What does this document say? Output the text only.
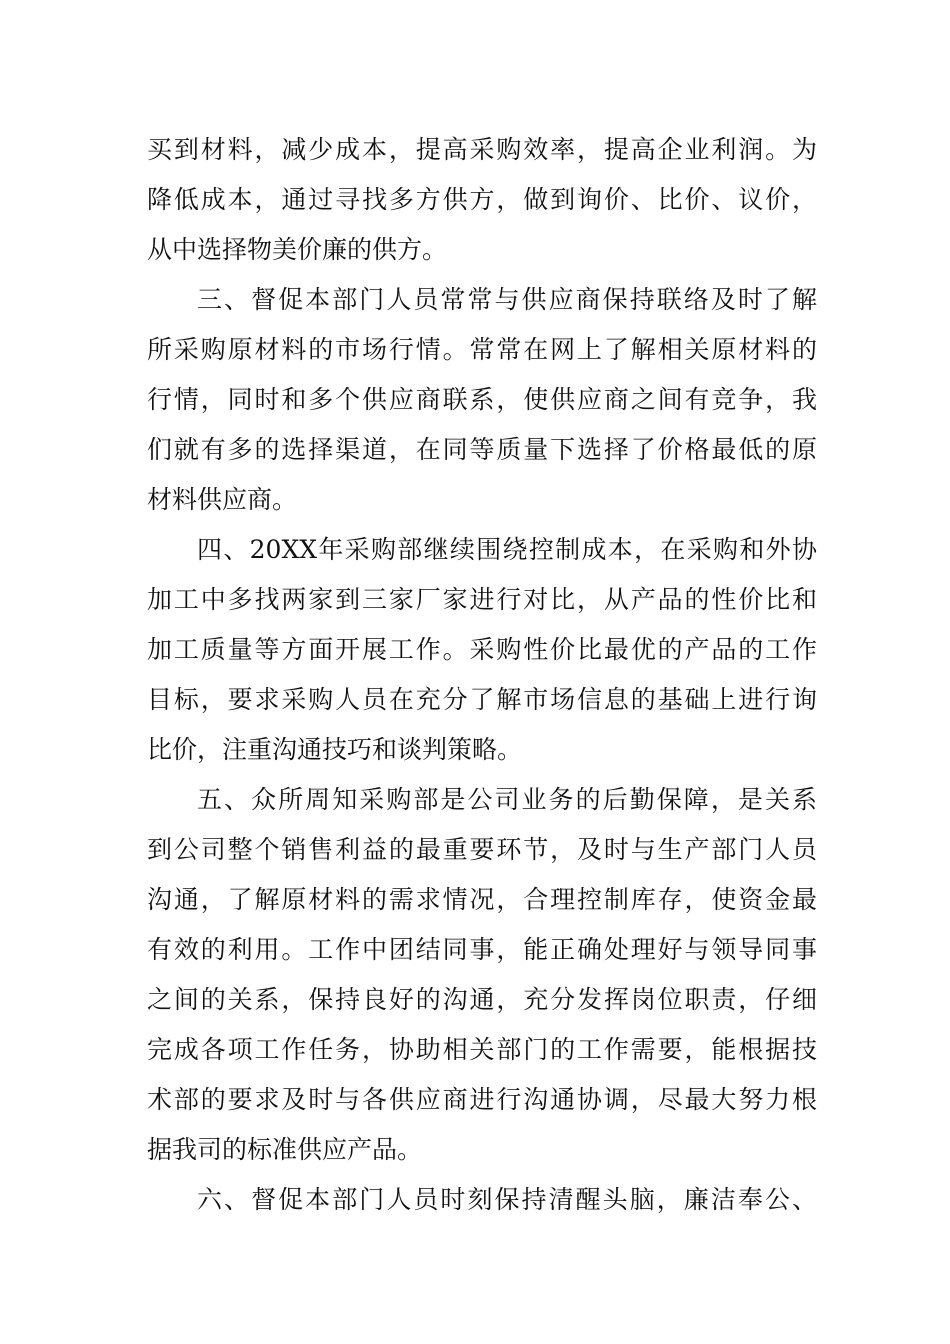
买到材料，减少成本，提高采购效率，提高企业利润。为
降低成本，通过寻找多方供方，做到询价、比价、议价，
从中选择物美价廉的供方。
三、督促本部门人员常常与供应商保持联络及时了解
所采购原材料的市场行情。常常在网上了解相关原材料的
行情，同时和多个供应商联系，使供应商之间有竞争，我
们就有多的选择渠道，在同等质量下选择了价格最低的原
材料供应商。
四、20XX年采购部继续围绕控制成本，在采购和外协
加工中多找两家到三家厂家进行对比，从产品的性价比和
加工质量等方面开展工作。采购性价比最优的产品的工作
目标，要求采购人员在充分了解市场信息的基础上进行询
比价，注重沟通技巧和谈判策略。
五、众所周知采购部是公司业务的后勤保障，是关系
到公司整个销售利益的最重要环节，及时与生产部门人员
沟通，了解原材料的需求情况，合理控制库存，使资金最
有效的利用。工作中团结同事，能正确处理好与领导同事
之间的关系，保持良好的沟通，充分发挥岗位职责，仔细
完成各项工作任务，协助相关部门的工作需要，能根据技
术部的要求及时与各供应商进行沟通协调，尽最大努力根
据我司的标准供应产品。
六、督促本部门人员时刻保持清醒头脑，廉洁奉公、
